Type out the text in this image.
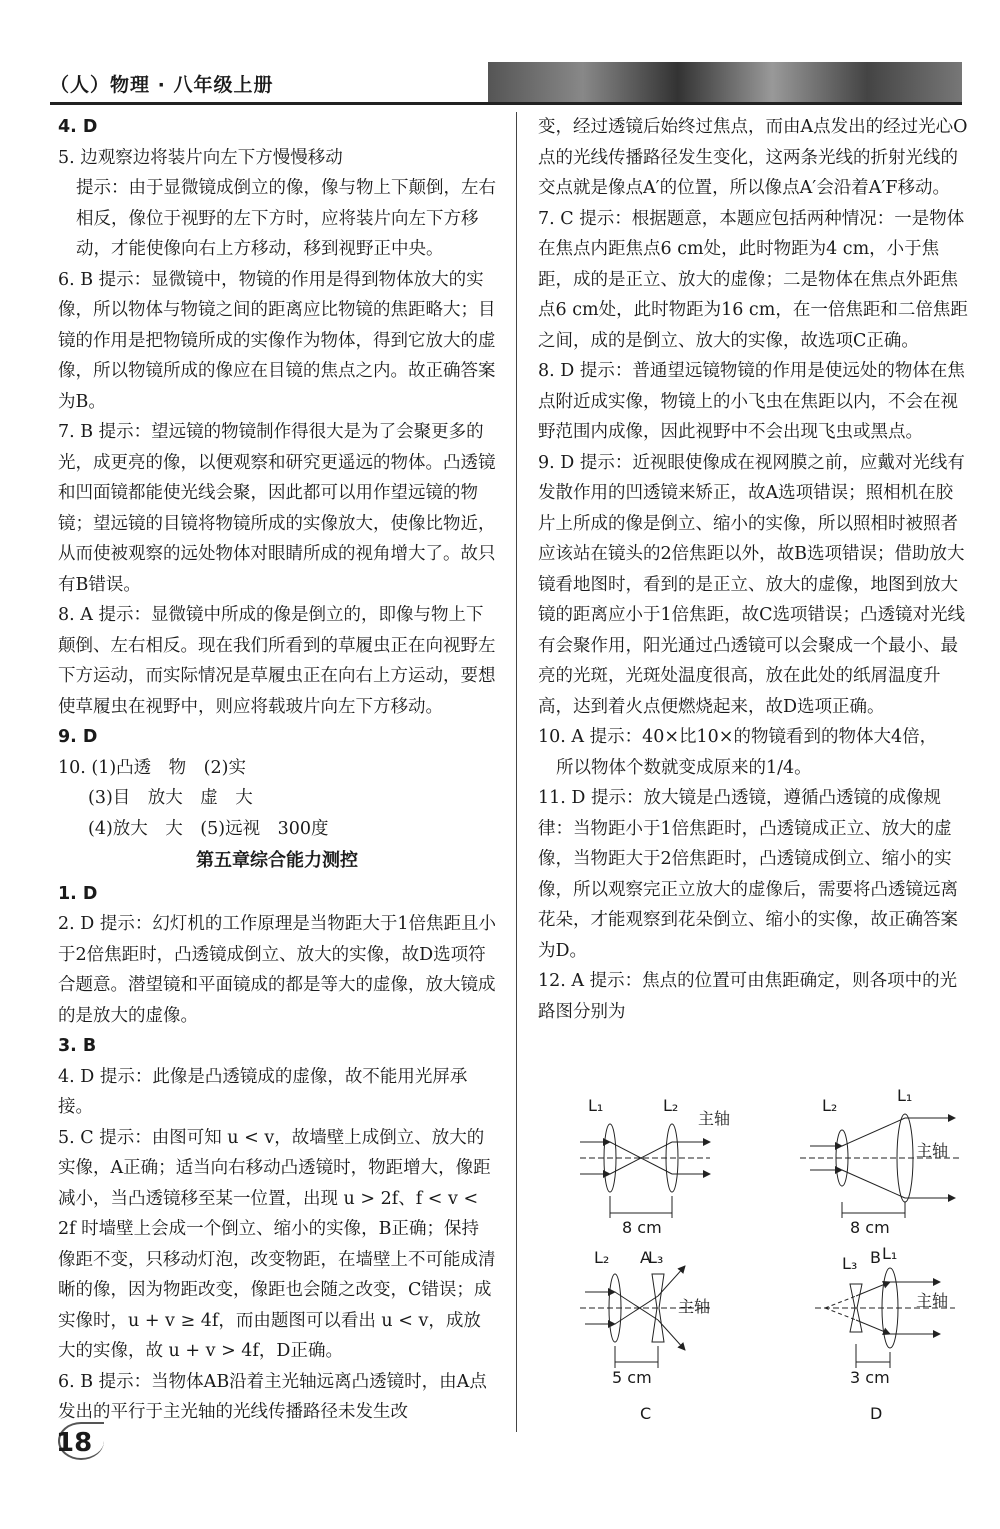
（人）物理 · 八年级上册

4. D

5. 边观察边将装片向左下方慢慢移动

提示：由于显微镜成倒立的像，像与物上下颠倒，左右相反，像位于视野的左下方时，应将装片向左下方移动，才能使像向右上方移动，移到视野正中央。

6. B 提示：显微镜中，物镜的作用是得到物体放大的实像，所以物体与物镜之间的距离应比物镜的焦距略大；目镜的作用是把物镜所成的实像作为物体，得到它放大的虚像，所以物镜所成的像应在目镜的焦点之内。故正确答案为B。

7. B 提示：望远镜的物镜制作得很大是为了会聚更多的光，成更亮的像，以便观察和研究更遥远的物体。凸透镜和凹面镜都能使光线会聚，因此都可以用作望远镜的物镜；望远镜的目镜将物镜所成的实像放大，使像比物近，从而使被观察的远处物体对眼睛所成的视角增大了。故只有B错误。

8. A 提示：显微镜中所成的像是倒立的，即像与物上下颠倒、左右相反。现在我们所看到的草履虫正在向视野左下方运动，而实际情况是草履虫正在向右上方运动，要想使草履虫在视野中，则应将载玻片向左下方移动。

9. D

10. (1)凸透　物　(2)实

(3)目　放大　虚　大

(4)放大　大　(5)远视　300度

第五章综合能力测控

1. D

2. D 提示：幻灯机的工作原理是当物距大于1倍焦距且小于2倍焦距时，凸透镜成倒立、放大的实像，故D选项符合题意。潜望镜和平面镜成的都是等大的虚像，放大镜成的是放大的虚像。

3. B

4. D 提示：此像是凸透镜成的虚像，故不能用光屏承接。

5. C 提示：由图可知 u < v，故墙壁上成倒立、放大的实像，A正确；适当向右移动凸透镜时，物距增大，像距减小，当凸透镜移至某一位置，出现 u > 2f、f < v < 2f 时墙壁上会成一个倒立、缩小的实像，B正确；保持像距不变，只移动灯泡，改变物距，在墙壁上不可能成清晰的像，因为物距改变，像距也会随之改变，C错误；成实像时，u + v ≥ 4f，而由题图可以看出 u < v，成放大的实像，故 u + v > 4f，D正确。

6. B 提示：当物体AB沿着主光轴远离凸透镜时，由A点发出的平行于主光轴的光线传播路径未发生改

变，经过透镜后始终过焦点，而由A点发出的经过光心O点的光线传播路径发生变化，这两条光线的折射光线的交点就是像点A′的位置，所以像点A′会沿着A′F移动。

7. C 提示：根据题意，本题应包括两种情况：一是物体在焦点内距焦点6 cm处，此时物距为4 cm，小于焦距，成的是正立、放大的虚像；二是物体在焦点外距焦点6 cm处，此时物距为16 cm，在一倍焦距和二倍焦距之间，成的是倒立、放大的实像，故选项C正确。

8. D 提示：普通望远镜物镜的作用是使远处的物体在焦点附近成实像，物镜上的小飞虫在焦距以内，不会在视野范围内成像，因此视野中不会出现飞虫或黑点。

9. D 提示：近视眼使像成在视网膜之前，应戴对光线有发散作用的凹透镜来矫正，故A选项错误；照相机在胶片上所成的像是倒立、缩小的实像，所以照相时被照者应该站在镜头的2倍焦距以外，故B选项错误；借助放大镜看地图时，看到的是正立、放大的虚像，地图到放大镜的距离应小于1倍焦距，故C选项错误；凸透镜对光线有会聚作用，阳光通过凸透镜可以会聚成一个最小、最亮的光斑，光斑处温度很高，放在此处的纸屑温度升高，达到着火点便燃烧起来，故D选项正确。

10. A 提示：40×比10×的物镜看到的物体大4倍，

所以物体个数就变成原来的1/4。

11. D 提示：放大镜是凸透镜，遵循凸透镜的成像规律：当物距小于1倍焦距时，凸透镜成正立、放大的虚像，当物距大于2倍焦距时，凸透镜成倒立、缩小的实像，所以观察完正立放大的虚像后，需要将凸透镜远离花朵，才能观察到花朵倒立、缩小的实像，故正确答案为D。

12. A 提示：焦点的位置可由焦距确定，则各项中的光路图分别为

L₁	L₂
主轴
8 cm
A
L₂
L₁
主轴
8 cm
B
L₂ L₃
主轴
5 cm
C
L₃
L₁
主轴
3 cm
D
18
